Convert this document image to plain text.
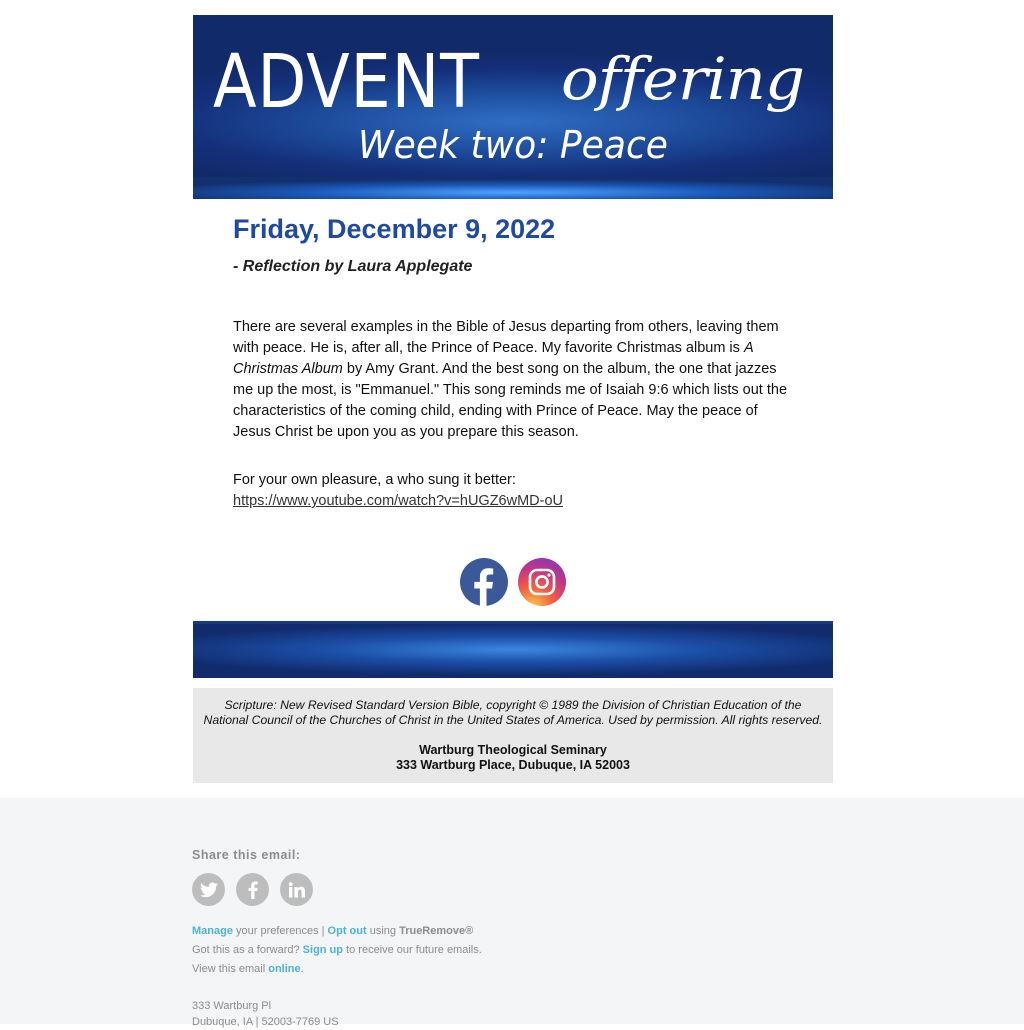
ADVENT	offering
Week two: Peace
Friday, December 9, 2022
- Reflection by Laura Applegate

There are several examples in the Bible of Jesus departing from others, leaving them with peace. He is, after all, the Prince of Peace. My favorite Christmas album is A Christmas Album by Amy Grant. And the best song on the album, the one that jazzes me up the most, is "Emmanuel." This song reminds me of Isaiah 9:6 which lists out the characteristics of the coming child, ending with Prince of Peace. May the peace of Jesus Christ be upon you as you prepare this season.

For your own pleasure, a who sung it better:
https://www.youtube.com/watch?v=hUGZ6wMD-oU

Scripture: New Revised Standard Version Bible, copyright © 1989 the Division of Christian Education of the National Council of the Churches of Christ in the United States of America. Used by permission. All rights reserved.
Wartburg Theological Seminary
333 Wartburg Place, Dubuque, IA 52003
Share this email:
Manage your preferences | Opt out using TrueRemove®
Got this as a forward? Sign up to receive our future emails.
View this email online.
333 Wartburg Pl
Dubuque, IA | 52003-7769 US
